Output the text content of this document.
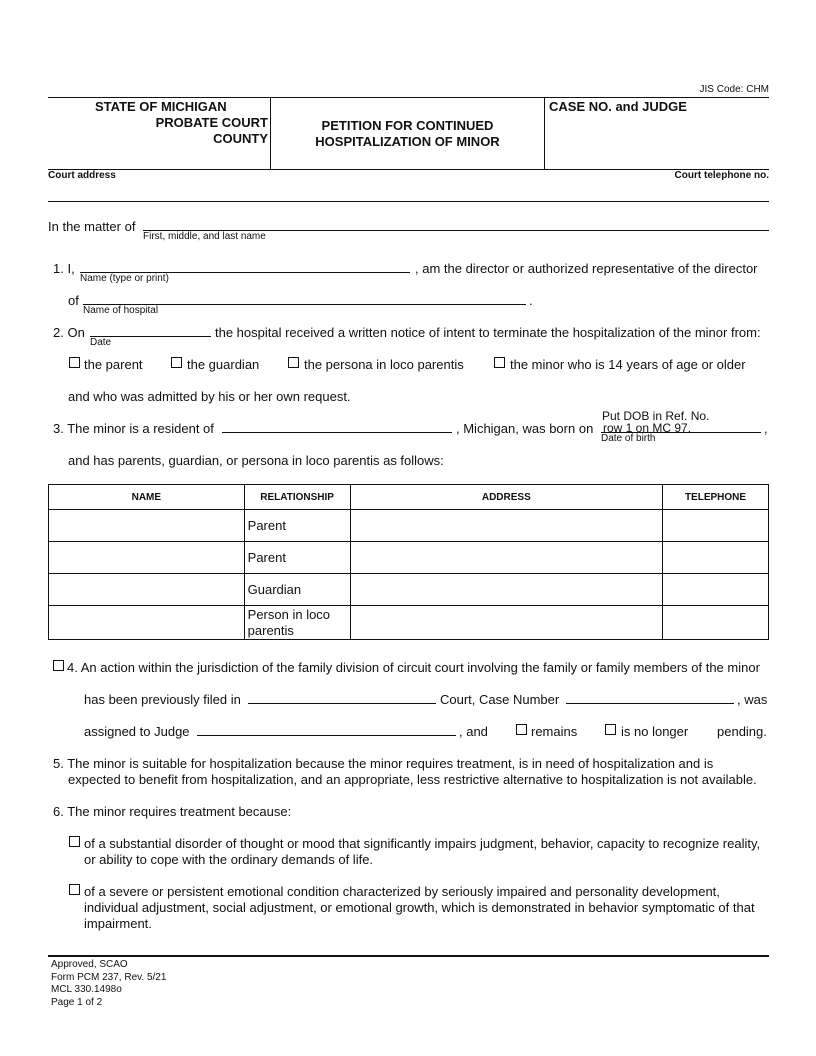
JIS Code: CHM
STATE OF MICHIGAN
PROBATE COURT
COUNTY
PETITION FOR CONTINUED
HOSPITALIZATION OF MINOR
CASE NO. and JUDGE
Court address	Court telephone no.
In the matter of
First, middle, and last name
1. I,
Name (type or print)
, am the director or authorized representative of the director
of
Name of hospital
.
2. On
Date
the hospital received a written notice of intent to terminate the hospitalization of the minor from:
the parent	the guardian	the persona in loco parentis	the minor who is 14 years of age or older
and who was admitted by his or her own request.
Put DOB in Ref. No.
3. The minor is a resident of	, Michigan, was born on row 1 on MC 97.
Date of birth
,
and has parents, guardian, or persona in loco parentis as follows:
NAME	RELATIONSHIP	ADDRESS	TELEPHONE
	Parent		
	Parent		
	Guardian		
	Person in loco parentis		
4. An action within the jurisdiction of the family division of circuit court involving the family or family members of the minor
has been previously filed in	Court, Case Number	, was
assigned to Judge	, and	remains	is no longer pending.
5. The minor is suitable for hospitalization because the minor requires treatment, is in need of hospitalization and is
expected to benefit from hospitalization, and an appropriate, less restrictive alternative to hospitalization is not available.
6. The minor requires treatment because:
of a substantial disorder of thought or mood that significantly impairs judgment, behavior, capacity to recognize reality,
or ability to cope with the ordinary demands of life.
of a severe or persistent emotional condition characterized by seriously impaired and personality development,
individual adjustment, social adjustment, or emotional growth, which is demonstrated in behavior symptomatic of that
impairment.
Approved, SCAO
Form PCM 237, Rev. 5/21
MCL 330.1498o
Page 1 of 2
